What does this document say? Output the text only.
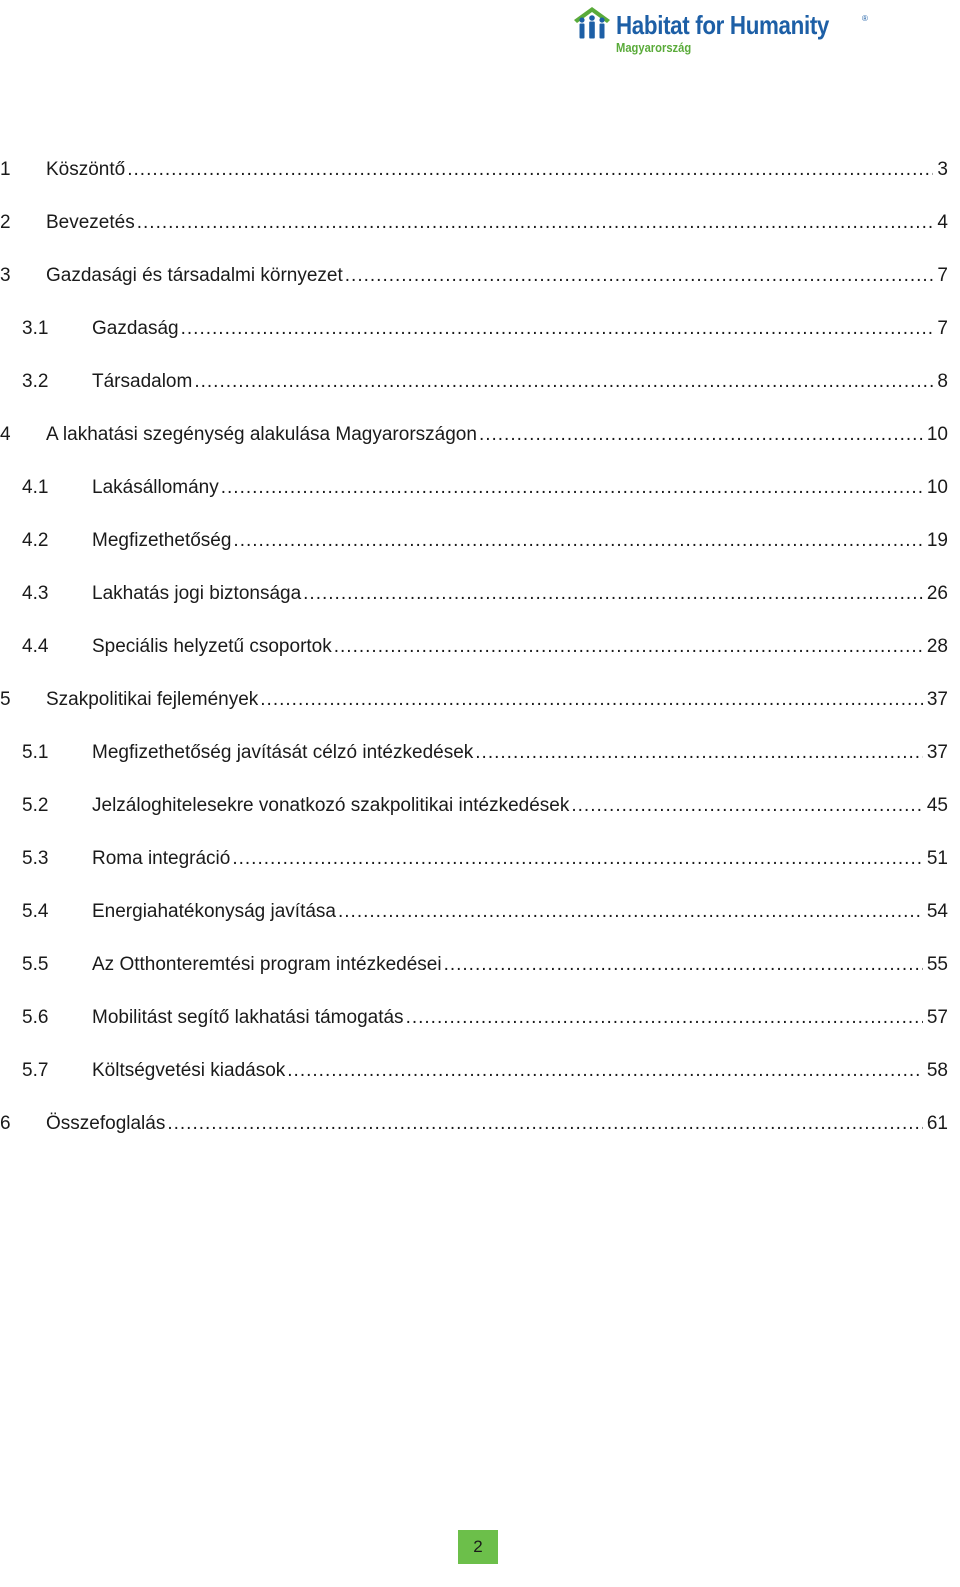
Habitat for Humanity	®
Magyarország
1	Köszöntő .....	3
2	Bevezetés .....	4
3	Gazdasági és társadalmi környezet .....	7
3.1	Gazdaság .....	7
3.2	Társadalom .....	8
4	A lakhatási szegénység alakulása Magyarországon .....	10
4.1	Lakásállomány .....	10
4.2	Megfizethetőség .....	19
4.3	Lakhatás jogi biztonsága .....	26
4.4	Speciális helyzetű csoportok .....	28
5	Szakpolitikai fejlemények .....	37
5.1	Megfizethetőség javítását célzó intézkedések .....	37
5.2	Jelzáloghitelesekre vonatkozó szakpolitikai intézkedések .....	45
5.3	Roma integráció .....	51
5.4	Energiahatékonyság javítása .....	54
5.5	Az Otthonteremtési program intézkedései .....	55
5.6	Mobilitást segítő lakhatási támogatás .....	57
5.7	Költségvetési kiadások .....	58
6	Összefoglalás .....	61
2
